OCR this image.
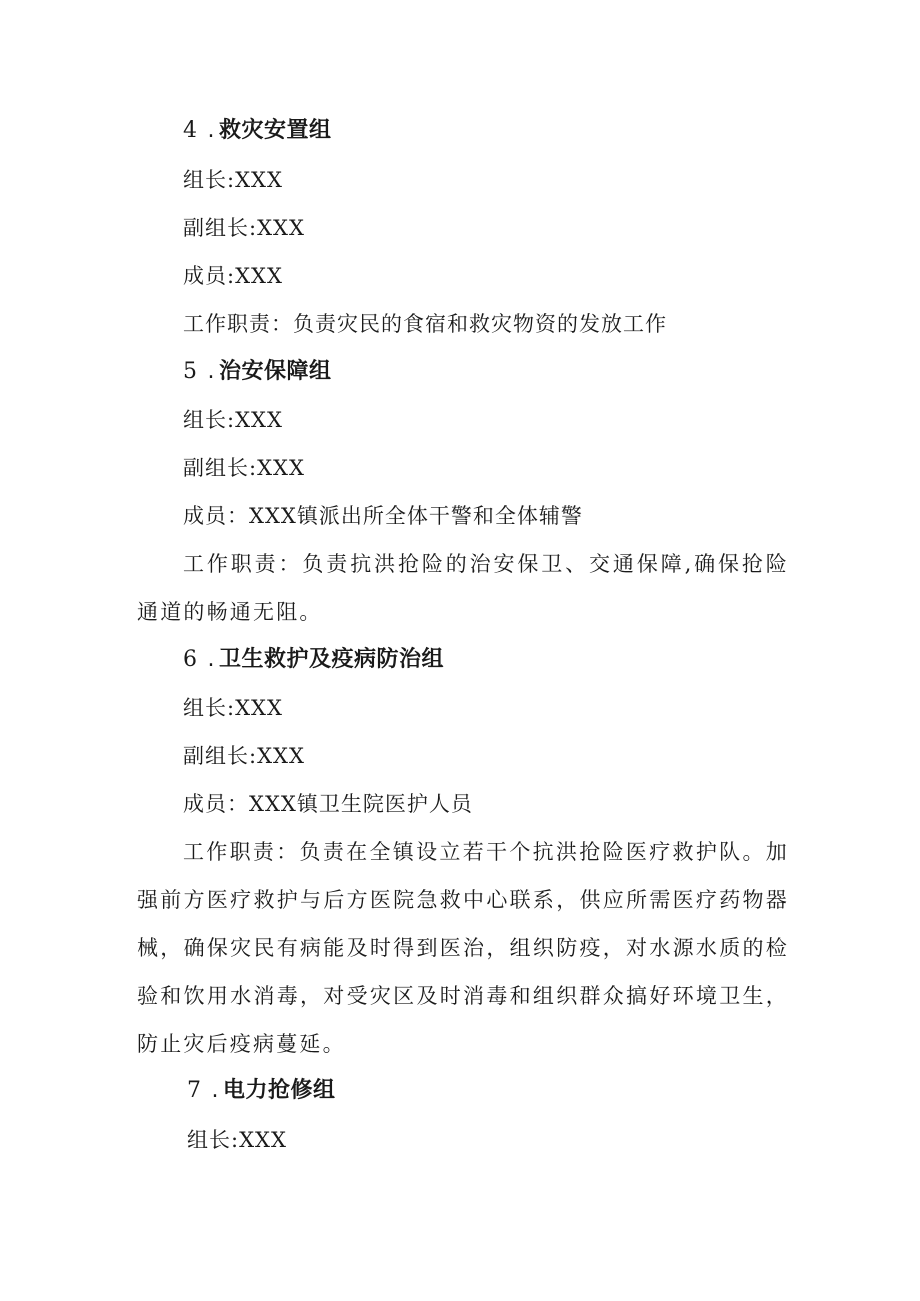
4 . 救灾安置组
组长:XXX
副组长:XXX
成员:XXX
工作职责：负责灾民的食宿和救灾物资的发放工作
5 . 治安保障组
组长:XXX
副组长:XXX
成员：XXX镇派出所全体干警和全体辅警
工作职责：负责抗洪抢险的治安保卫、交通保障,确保抢险通道的畅通无阻。
6 . 卫生救护及疫病防治组
组长:XXX
副组长:XXX
成员：XXX镇卫生院医护人员
工作职责：负责在全镇设立若干个抗洪抢险医疗救护队。加强前方医疗救护与后方医院急救中心联系，供应所需医疗药物器械，确保灾民有病能及时得到医治，组织防疫，对水源水质的检验和饮用水消毒，对受灾区及时消毒和组织群众搞好环境卫生，防止灾后疫病蔓延。
7 . 电力抢修组
组长:XXX
